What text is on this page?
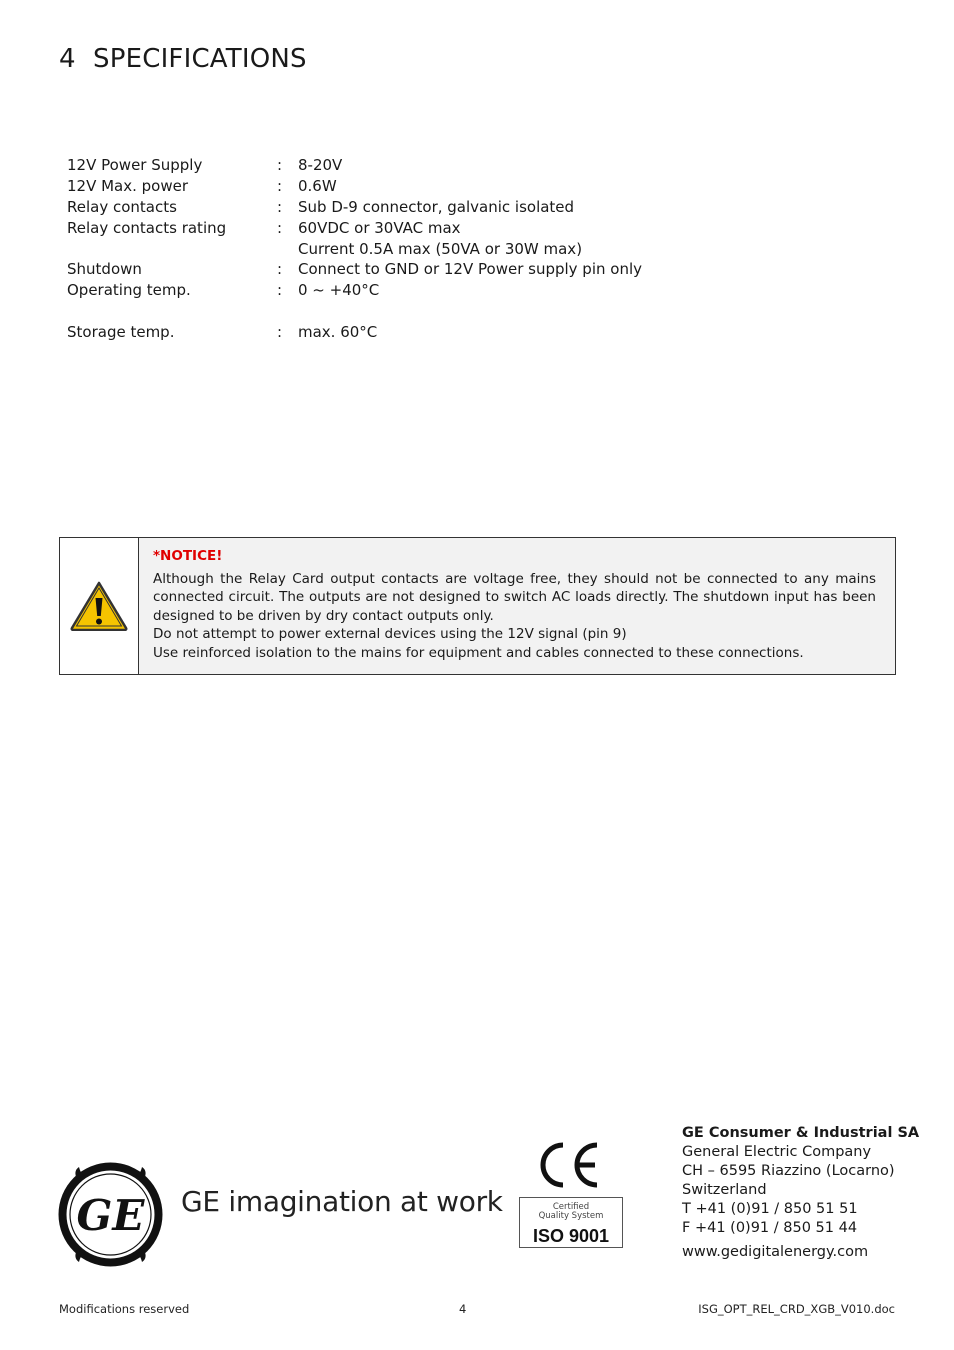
4 SPECIFICATIONS
12V Power Supply	: 8-20V
12V Max. power	: 0.6W
Relay contacts	: Sub D-9 connector, galvanic isolated
Relay contacts rating	: 60VDC or 30VAC max
Current 0.5A max (50VA or 30W max)
Shutdown	: Connect to GND or 12V Power supply pin only
Operating temp.	: 0 ~ +40°C
Storage temp.	: max. 60°C
*NOTICE!

Although the Relay Card output contacts are voltage free, they should not be connected to any mains connected circuit. The outputs are not designed to switch AC loads directly. The shutdown input has been designed to be driven by dry contact outputs only.

Do not attempt to power external devices using the 12V signal (pin 9)

Use reinforced isolation to the mains for equipment and cables connected to these connections.

GE GE imagination at work	Certified
Quality System
ISO 9001
GE Consumer & Industrial SA
General Electric Company
CH – 6595 Riazzino (Locarno)
Switzerland
T +41 (0)91 / 850 51 51
F +41 (0)91 / 850 51 44
www.gedigitalenergy.com
Modifications reserved	4	ISG_OPT_REL_CRD_XGB_V010.doc
